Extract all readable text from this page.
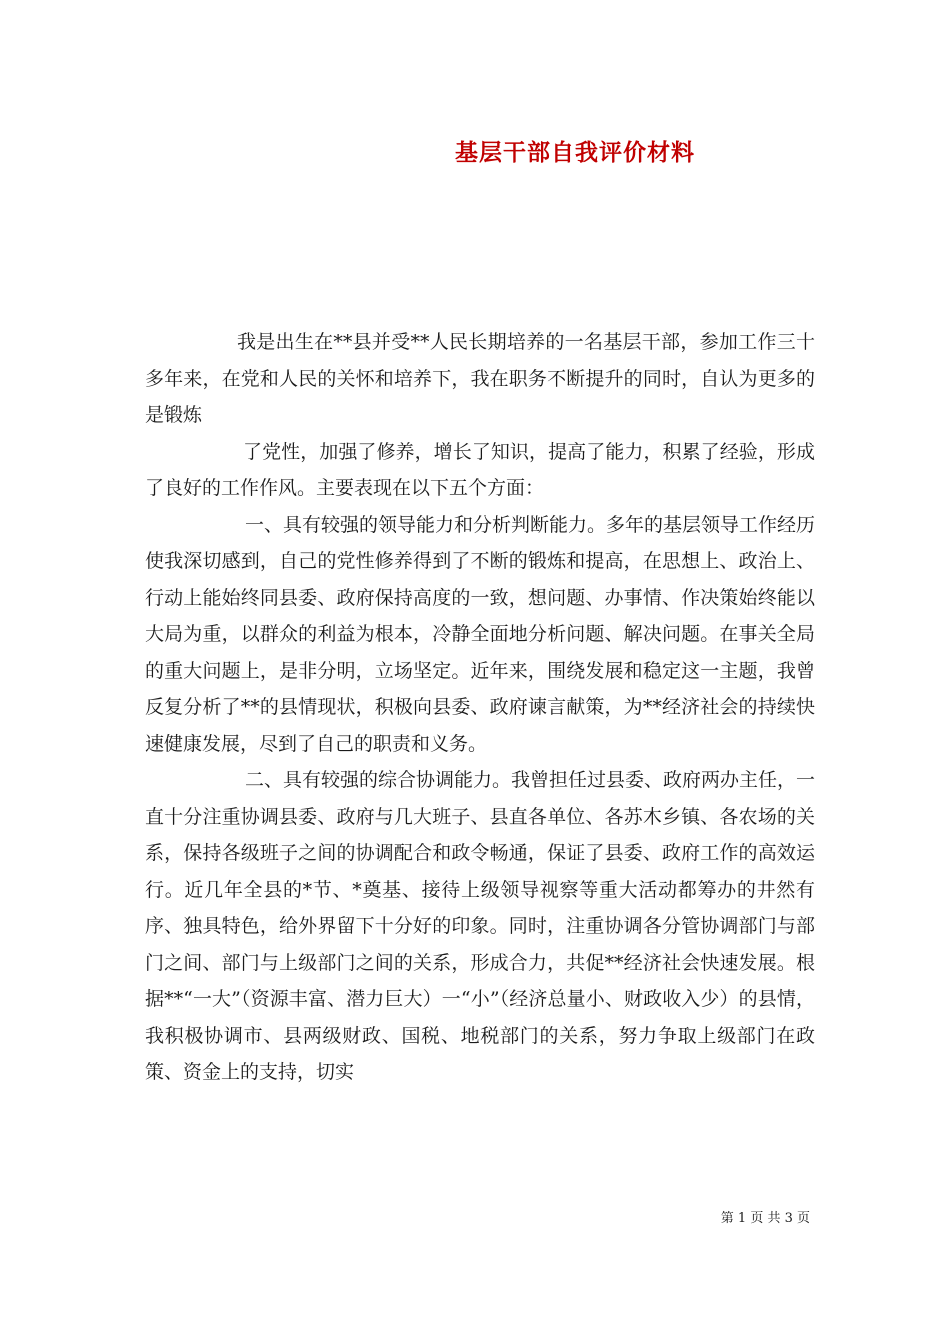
基层干部自我评价材料

我是出生在**县并受**人民长期培养的一名基层干部，参加工作三十多年来，在党和人民的关怀和培养下，我在职务不断提升的同时，自认为更多的是锻炼

了党性，加强了修养，增长了知识，提高了能力，积累了经验，形成了良好的工作作风。主要表现在以下五个方面：

一、具有较强的领导能力和分析判断能力。多年的基层领导工作经历使我深切感到，自己的党性修养得到了不断的锻炼和提高，在思想上、政治上、行动上能始终同县委、政府保持高度的一致，想问题、办事情、作决策始终能以大局为重，以群众的利益为根本，冷静全面地分析问题、解决问题。在事关全局的重大问题上，是非分明，立场坚定。近年来，围绕发展和稳定这一主题，我曾反复分析了**的县情现状，积极向县委、政府谏言献策，为**经济社会的持续快速健康发展，尽到了自己的职责和义务。

二、具有较强的综合协调能力。我曾担任过县委、政府两办主任，一直十分注重协调县委、政府与几大班子、县直各单位、各苏木乡镇、各农场的关系，保持各级班子之间的协调配合和政令畅通，保证了县委、政府工作的高效运行。近几年全县的*节、*奠基、接待上级领导视察等重大活动都筹办的井然有序、独具特色，给外界留下十分好的印象。同时，注重协调各分管协调部门与部门之间、部门与上级部门之间的关系，形成合力，共促**经济社会快速发展。根据**“一大”（资源丰富、潜力巨大）一“小”（经济总量小、财政收入少）的县情，我积极协调市、县两级财政、国税、地税部门的关系，努力争取上级部门在政策、资金上的支持，切实

第 1 页 共 3 页
